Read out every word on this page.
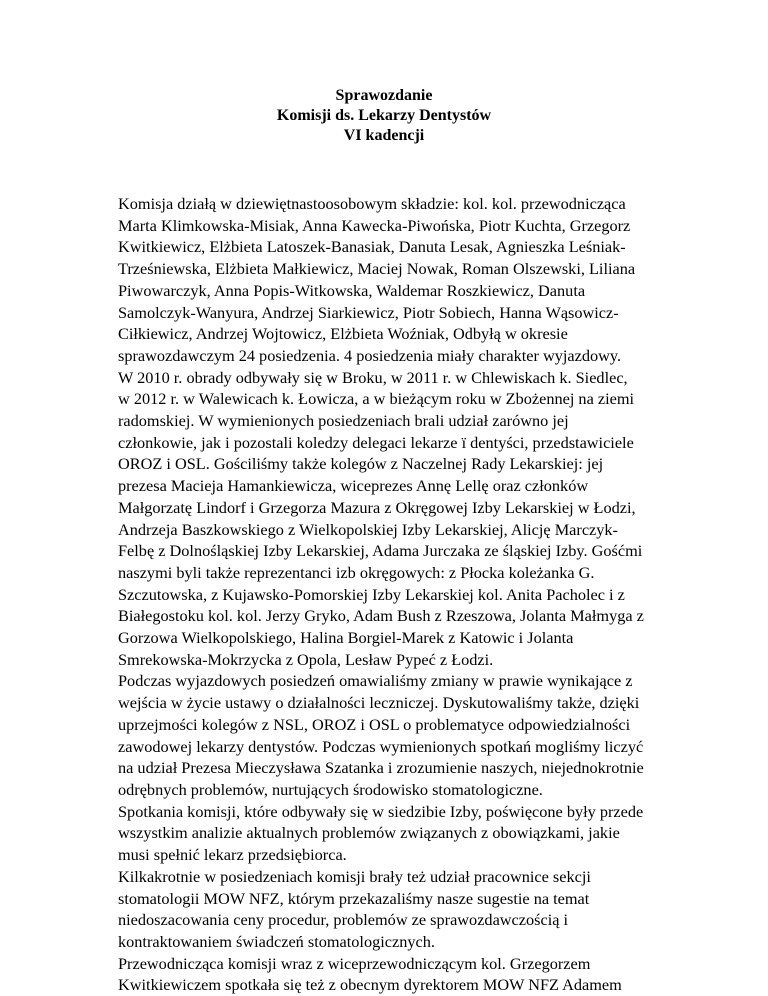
Sprawozdanie
Komisji ds. Lekarzy Dentystów
VI kadencji
Komisja działą w dziewiętnastoosobowym składzie: kol. kol. przewodnicząca
Marta Klimkowska-Misiak, Anna Kawecka-Piwońska, Piotr Kuchta, Grzegorz
Kwitkiewicz, Elżbieta Latoszek-Banasiak, Danuta Lesak, Agnieszka Leśniak-
Trześniewska, Elżbieta Małkiewicz, Maciej Nowak, Roman Olszewski, Liliana
Piwowarczyk, Anna Popis-Witkowska, Waldemar Roszkiewicz, Danuta
Samolczyk-Wanyura, Andrzej Siarkiewicz, Piotr Sobiech, Hanna Wąsowicz-
Ciłkiewicz, Andrzej Wojtowicz, Elżbieta Woźniak, Odbyłą w okresie
sprawozdawczym 24 posiedzenia. 4 posiedzenia miały charakter wyjazdowy.
W 2010 r. obrady odbywały się w Broku, w 2011 r. w Chlewiskach k. Siedlec,
w 2012 r. w Walewicach k. Łowicza, a w bieżącym roku w Zbożennej na ziemi
radomskiej. W wymienionych posiedzeniach brali udział zarówno jej
członkowie, jak i pozostali koledzy delegaci lekarze ï dentyści, przedstawiciele
OROZ i OSL. Gościliśmy także kolegów z Naczelnej Rady Lekarskiej: jej
prezesa Macieja Hamankiewicza, wiceprezes Annę Lellę oraz członków
Małgorzatę Lindorf i Grzegorza Mazura z Okręgowej Izby Lekarskiej w Łodzi,
Andrzeja Baszkowskiego z Wielkopolskiej Izby Lekarskiej, Alicję Marczyk-
Felbę z Dolnośląskiej Izby Lekarskiej, Adama Jurczaka ze śląskiej Izby. Gośćmi
naszymi byli także reprezentanci izb okręgowych: z Płocka koleżanka G.
Szczutowska, z Kujawsko-Pomorskiej Izby Lekarskiej kol. Anita Pacholec i z
Białegostoku kol. kol. Jerzy Gryko, Adam Bush z Rzeszowa, Jolanta Małmyga z
Gorzowa Wielkopolskiego, Halina Borgiel-Marek z Katowic i Jolanta
Smrekowska-Mokrzycka z Opola, Lesław Pypeć z Łodzi.
Podczas wyjazdowych posiedzeń omawialiśmy zmiany w prawie wynikające z
wejścia w życie ustawy o działalności leczniczej. Dyskutowaliśmy także, dzięki
uprzejmości kolegów z NSL, OROZ i OSL o problematyce odpowiedzialności
zawodowej lekarzy dentystów. Podczas wymienionych spotkań mogliśmy liczyć
na udział Prezesa Mieczysława Szatanka i zrozumienie naszych, niejednokrotnie
odrębnych problemów, nurtujących środowisko stomatologiczne.
Spotkania komisji, które odbywały się w siedzibie Izby, poświęcone były przede
wszystkim analizie aktualnych problemów związanych z obowiązkami, jakie
musi spełnić lekarz przedsiębiorca.
Kilkakrotnie w posiedzeniach komisji brały też udział pracownice sekcji
stomatologii MOW NFZ, którym przekazaliśmy nasze sugestie na temat
niedoszacowania ceny procedur, problemów ze sprawozdawczością i
kontraktowaniem świadczeń stomatologicznych.
Przewodnicząca komisji wraz z wiceprzewodniczącym kol. Grzegorzem
Kwitkiewiczem spotkała się też z obecnym dyrektorem MOW NFZ Adamem
